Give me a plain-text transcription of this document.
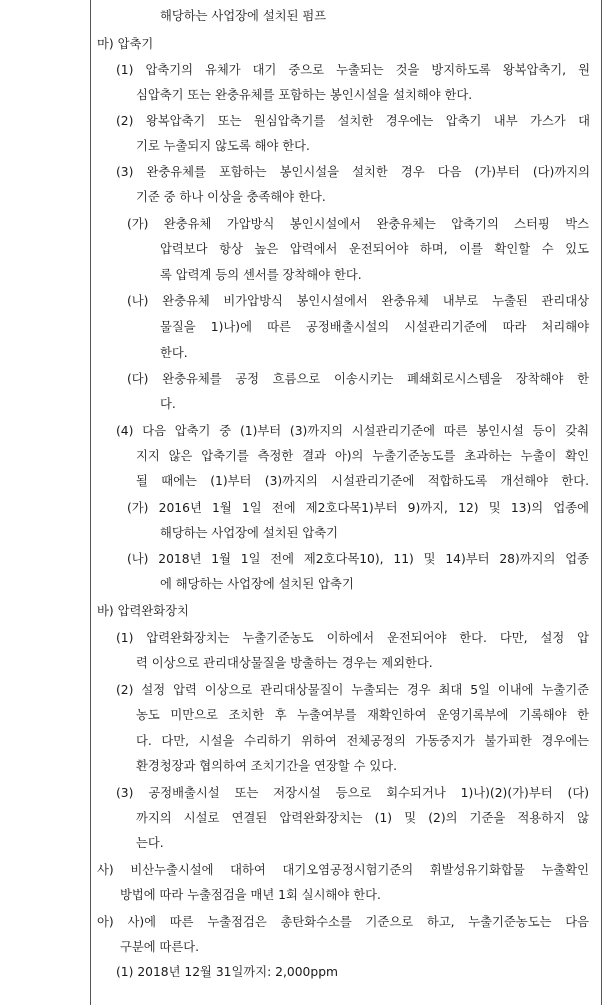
해당하는 사업장에 설치된 펌프
마) 압축기
(1) 압축기의 유체가 대기 중으로 누출되는 것을 방지하도록 왕복압축기, 원
심압축기 또는 완충유체를 포함하는 봉인시설을 설치해야 한다.
(2) 왕복압축기 또는 원심압축기를 설치한 경우에는 압축기 내부 가스가 대
기로 누출되지 않도록 해야 한다.
(3) 완충유체를 포함하는 봉인시설을 설치한 경우 다음 (가)부터 (다)까지의
기준 중 하나 이상을 충족해야 한다.
(가) 완충유체 가압방식 봉인시설에서 완충유체는 압축기의 스터핑 박스
압력보다 항상 높은 압력에서 운전되어야 하며, 이를 확인할 수 있도
록 압력계 등의 센서를 장착해야 한다.
(나) 완충유체 비가압방식 봉인시설에서 완충유체 내부로 누출된 관리대상
물질을 1)나)에 따른 공정배출시설의 시설관리기준에 따라 처리해야
한다.
(다) 완충유체를 공정 흐름으로 이송시키는 폐쇄회로시스템을 장착해야 한
다.
(4) 다음 압축기 중 (1)부터 (3)까지의 시설관리기준에 따른 봉인시설 등이 갖춰
지지 않은 압축기를 측정한 결과 아)의 누출기준농도를 초과하는 누출이 확인
될 때에는 (1)부터 (3)까지의 시설관리기준에 적합하도록 개선해야 한다.
(가) 2016년 1월 1일 전에 제2호다목1)부터 9)까지, 12) 및 13)의 업종에
해당하는 사업장에 설치된 압축기
(나) 2018년 1월 1일 전에 제2호다목10), 11) 및 14)부터 28)까지의 업종
에 해당하는 사업장에 설치된 압축기
바) 압력완화장치
(1) 압력완화장치는 누출기준농도 이하에서 운전되어야 한다. 다만, 설정 압
력 이상으로 관리대상물질을 방출하는 경우는 제외한다.
(2) 설정 압력 이상으로 관리대상물질이 누출되는 경우 최대 5일 이내에 누출기준
농도 미만으로 조치한 후 누출여부를 재확인하여 운영기록부에 기록해야 한
다. 다만, 시설을 수리하기 위하여 전체공정의 가동중지가 불가피한 경우에는
환경청장과 협의하여 조치기간을 연장할 수 있다.
(3) 공정배출시설 또는 저장시설 등으로 회수되거나 1)나)(2)(가)부터 (다)
까지의 시설로 연결된 압력완화장치는 (1) 및 (2)의 기준을 적용하지 않
는다.
사) 비산누출시설에 대하여 대기오염공정시험기준의 휘발성유기화합물 누출확인
방법에 따라 누출점검을 매년 1회 실시해야 한다.
아) 사)에 따른 누출점검은 총탄화수소를 기준으로 하고, 누출기준농도는 다음
구분에 따른다.
(1) 2018년 12월 31일까지: 2,000ppm
